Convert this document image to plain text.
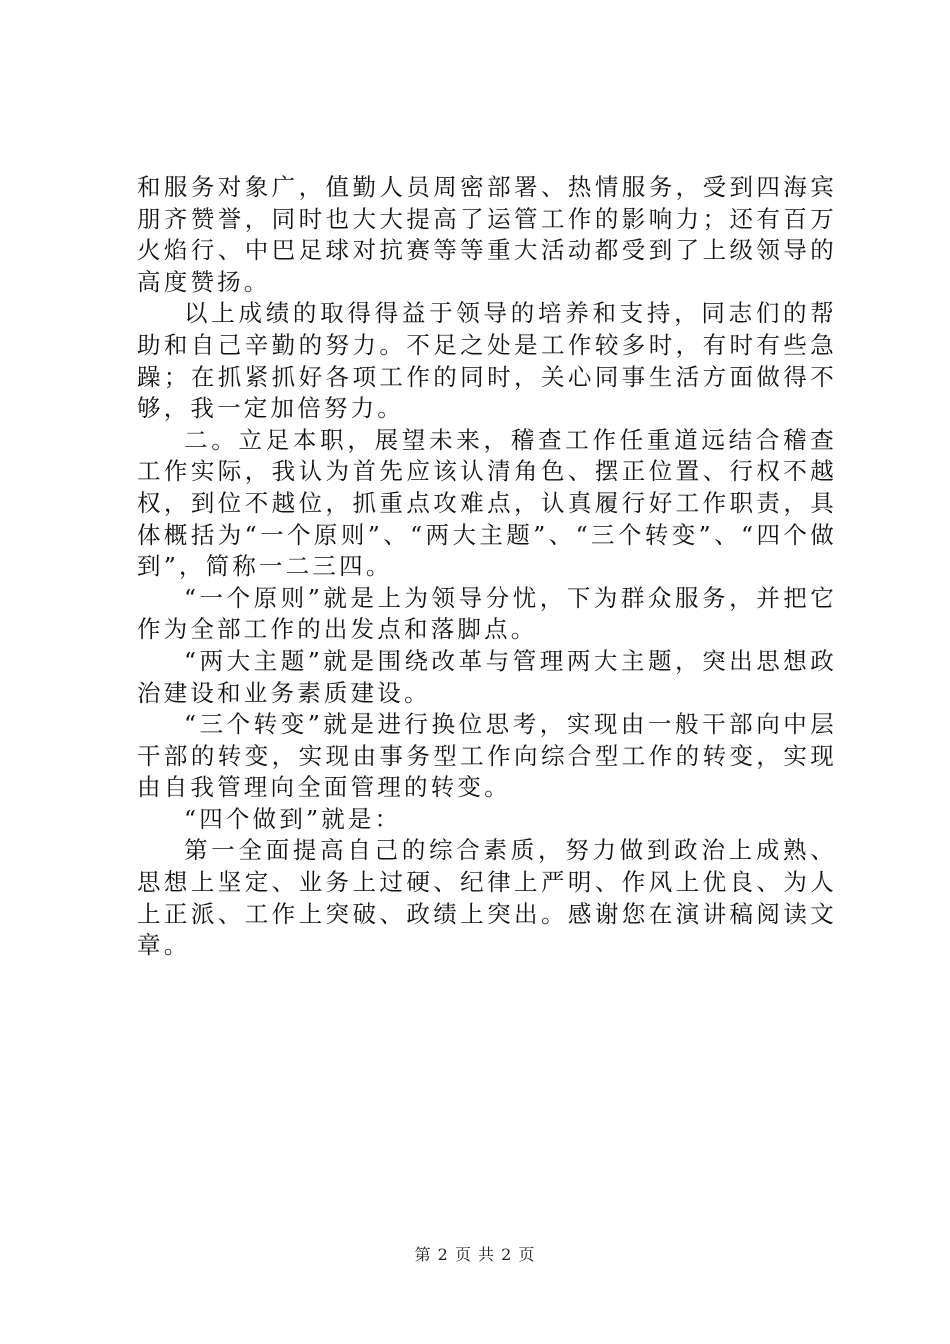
和服务对象广，值勤人员周密部署、热情服务，受到四海宾朋齐赞誉，同时也大大提高了运管工作的影响力；还有百万火焰行、中巴足球对抗赛等等重大活动都受到了上级领导的高度赞扬。

以上成绩的取得得益于领导的培养和支持，同志们的帮助和自己辛勤的努力。不足之处是工作较多时，有时有些急躁；在抓紧抓好各项工作的同时，关心同事生活方面做得不够，我一定加倍努力。

二。立足本职，展望未来，稽查工作任重道远结合稽查工作实际，我认为首先应该认清角色、摆正位置、行权不越权，到位不越位，抓重点攻难点，认真履行好工作职责，具体概括为“一个原则”、“两大主题”、“三个转变”、“四个做到”，简称一二三四。

“一个原则”就是上为领导分忧，下为群众服务，并把它作为全部工作的出发点和落脚点。

“两大主题”就是围绕改革与管理两大主题，突出思想政治建设和业务素质建设。

“三个转变”就是进行换位思考，实现由一般干部向中层干部的转变，实现由事务型工作向综合型工作的转变，实现由自我管理向全面管理的转变。

“四个做到”就是：

第一全面提高自己的综合素质，努力做到政治上成熟、思想上坚定、业务上过硬、纪律上严明、作风上优良、为人上正派、工作上突破、政绩上突出。感谢您在演讲稿阅读文章。

第 2 页 共 2 页
